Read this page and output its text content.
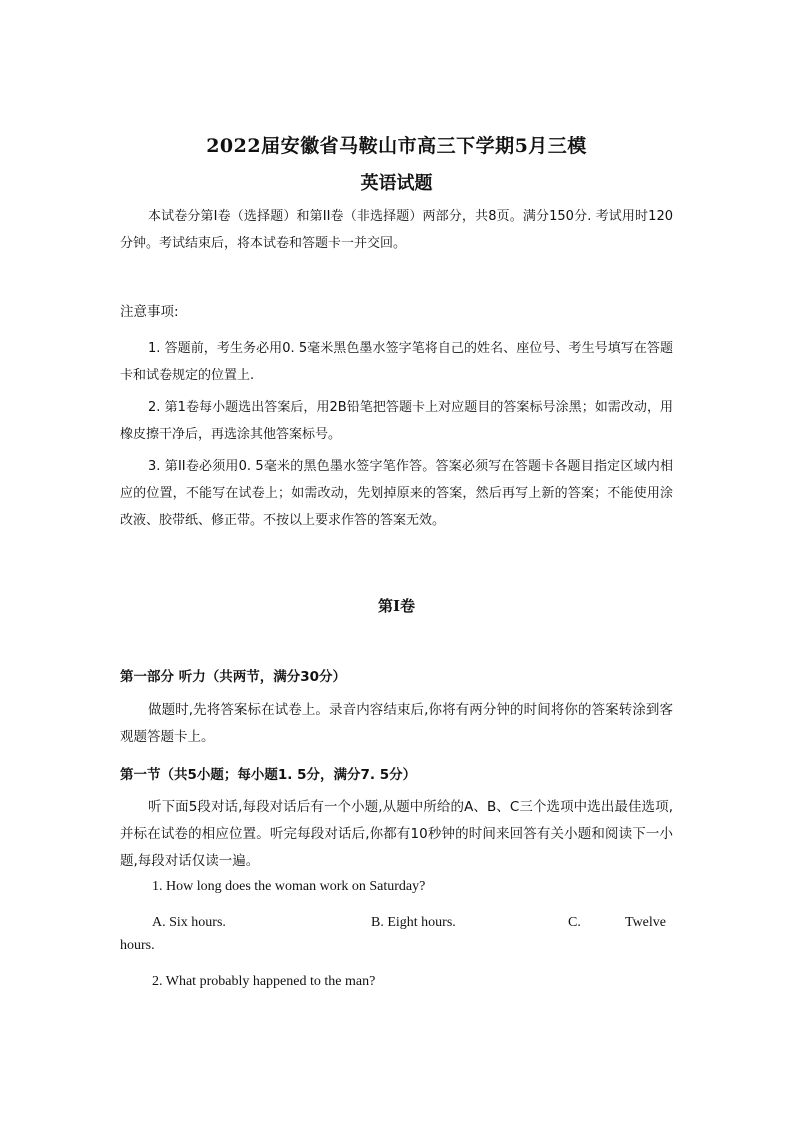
2022届安徽省马鞍山市高三下学期5月三模
英语试题

本试卷分第I卷（选择题）和第II卷（非选择题）两部分，共8页。满分150分. 考试用时120分钟。考试结束后，将本试卷和答题卡一并交回。

注意事项:

1. 答题前，考生务必用0. 5毫米黑色墨水签字笔将自己的姓名、座位号、考生号填写在答题卡和试卷规定的位置上.

2. 第1卷每小题选出答案后，用2B铅笔把答题卡上对应题目的答案标号涂黑；如需改动，用橡皮擦干净后，再选涂其他答案标号。

3. 第II卷必须用0. 5毫米的黑色墨水签字笔作答。答案必须写在答题卡各题目指定区域内相应的位置，不能写在试卷上；如需改动，先划掉原来的答案，然后再写上新的答案；不能使用涂改液、胶带纸、修正带。不按以上要求作答的答案无效。

第I卷

第一部分 听力（共两节，满分30分）

做题时,先将答案标在试卷上。录音内容结束后,你将有两分钟的时间将你的答案转涂到客观题答题卡上。

第一节（共5小题；每小题1. 5分，满分7. 5分）

听下面5段对话,每段对话后有一个小题,从题中所给的A、B、C三个选项中选出最佳选项,并标在试卷的相应位置。听完每段对话后,你都有10秒钟的时间来回答有关小题和阅读下一小题,每段对话仅读一遍。

1. How long does the woman work on Saturday?

A. Six hours.	B. Eight hours.	C.	Twelve

hours.

2. What probably happened to the man?
